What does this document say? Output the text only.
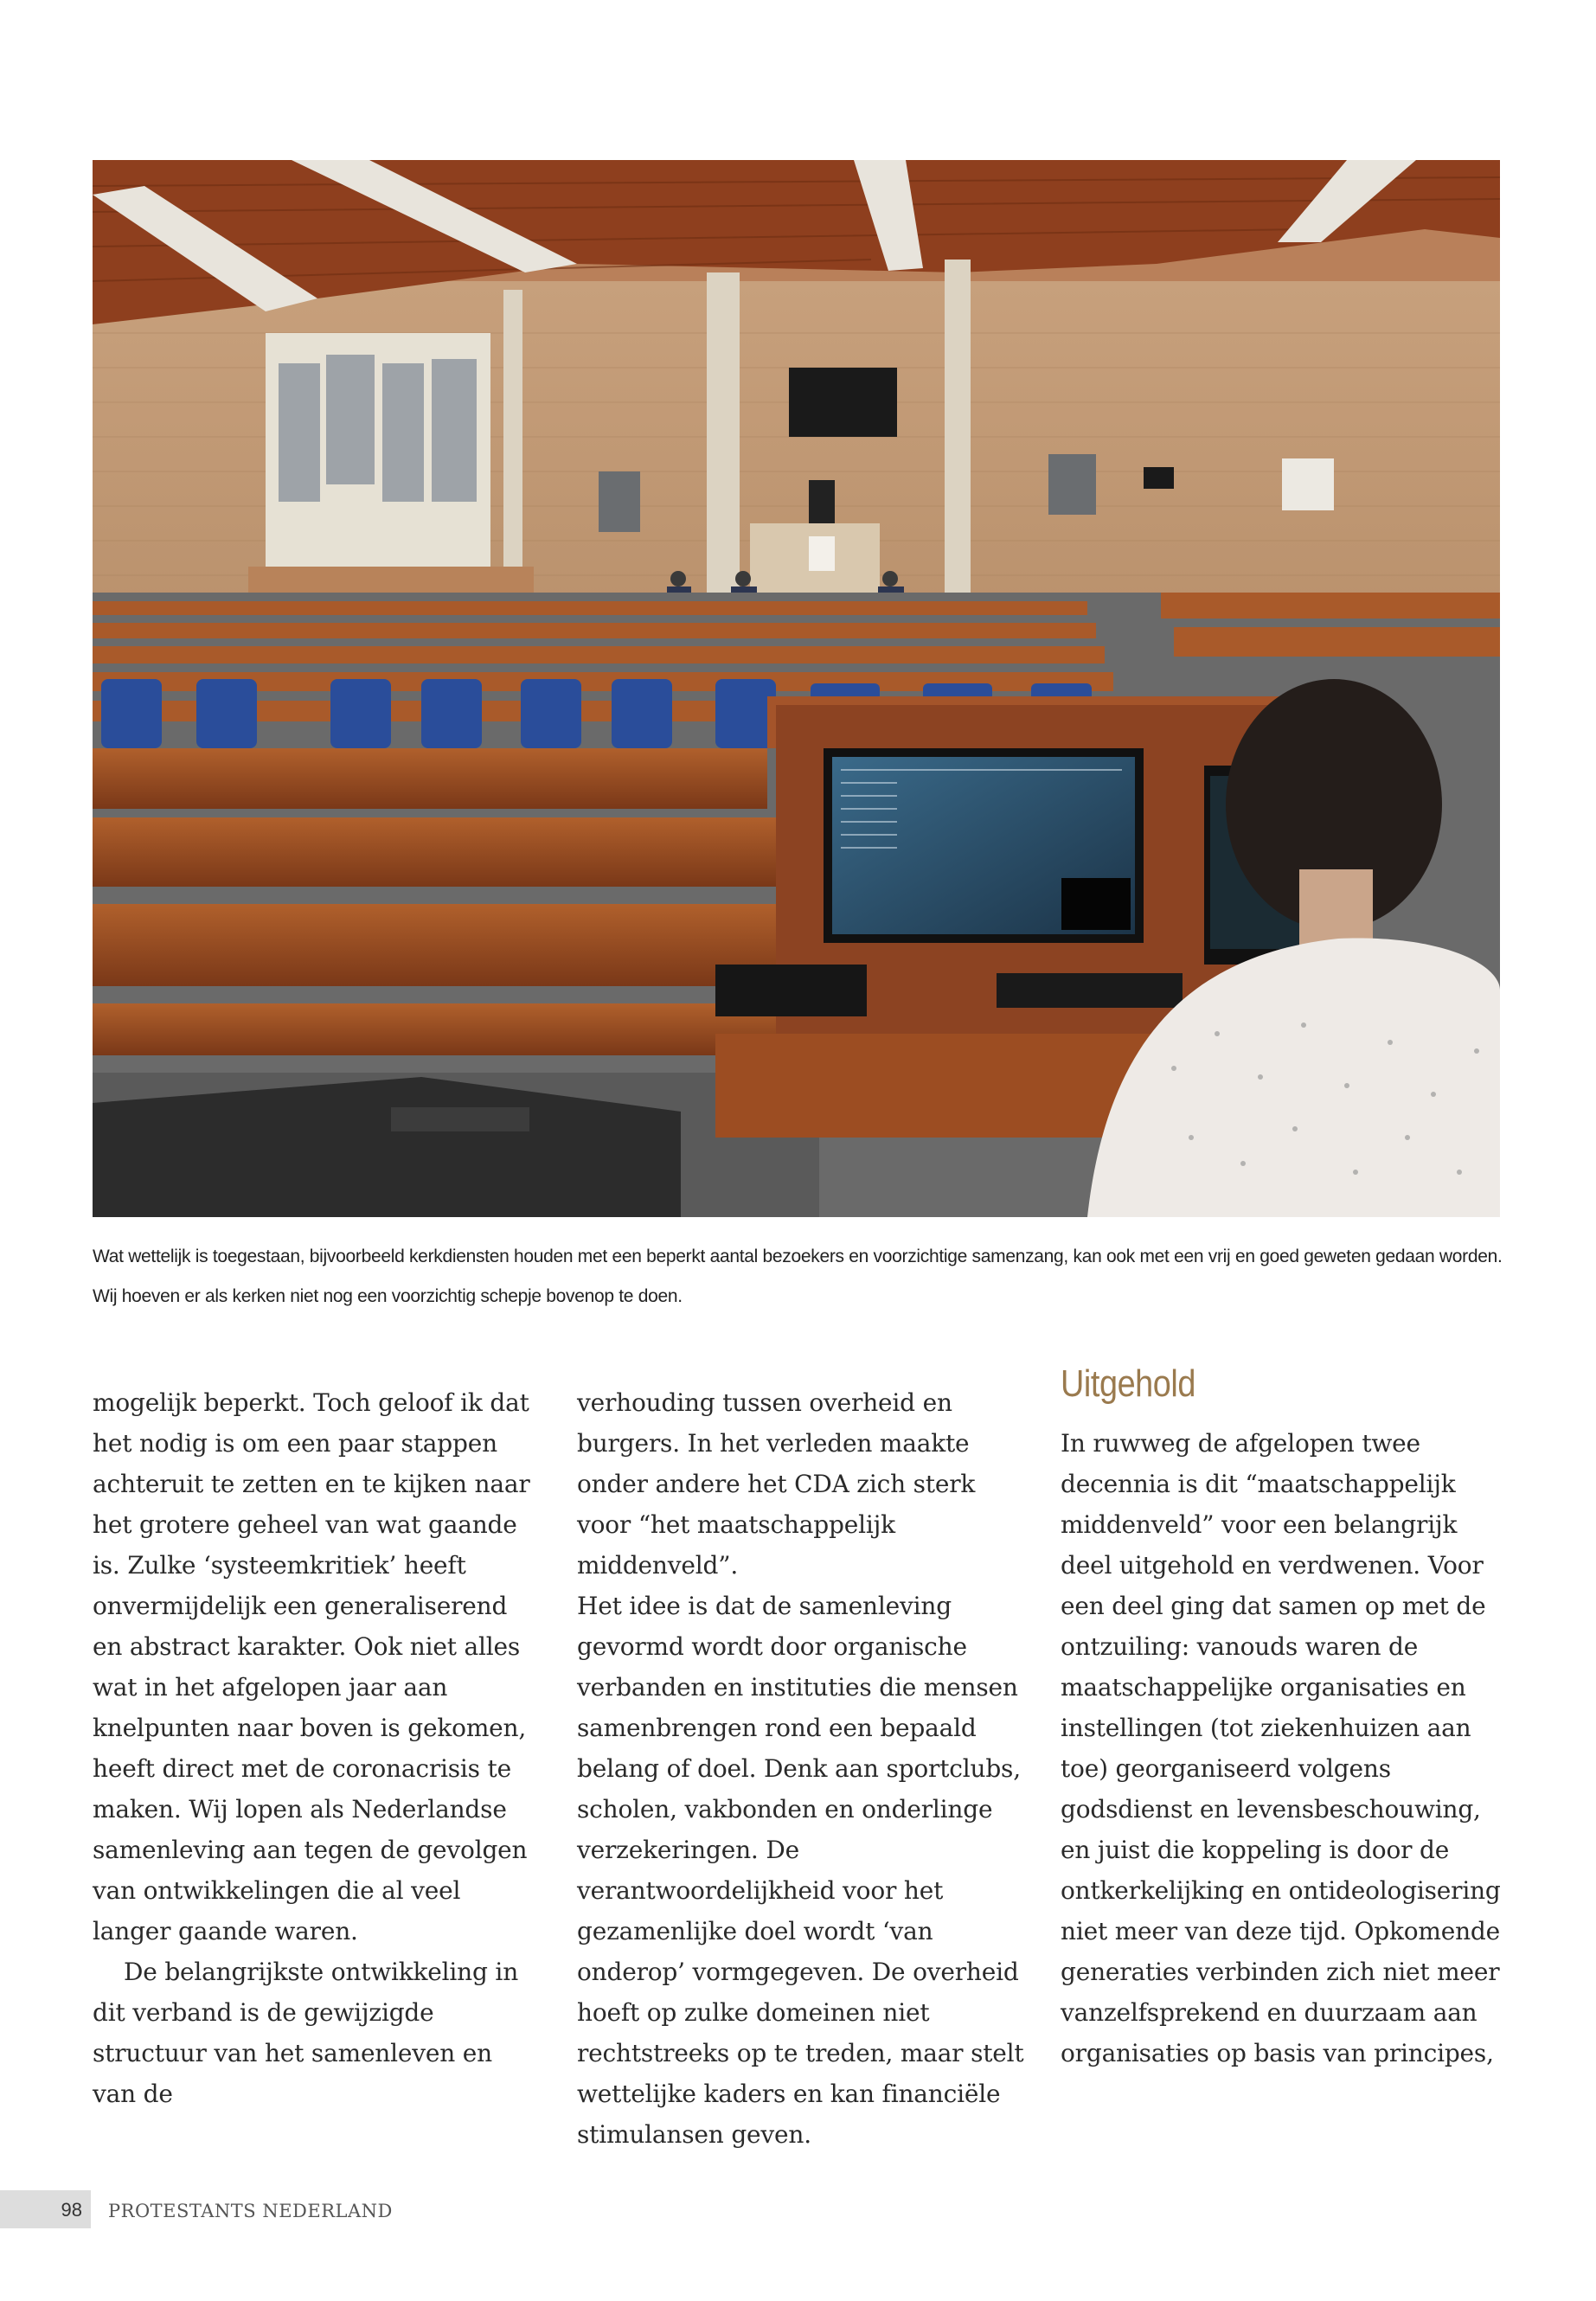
Wat wettelijk is toegestaan, bijvoorbeeld kerkdiensten houden met een beperkt aantal bezoekers en voorzichtige samenzang, kan ook met een vrij en goed geweten gedaan worden.

Wij hoeven er als kerken niet nog een voorzichtig schepje bovenop te doen.

mogelijk beperkt. Toch geloof ik dat het nodig is om een paar stappen achteruit te zetten en te kijken naar het grotere geheel van wat gaande is. Zulke ‘systeemkritiek’ heeft onvermijdelijk een generaliserend en abstract karakter. Ook niet alles wat in het afgelopen jaar aan knelpunten naar boven is gekomen, heeft direct met de coronacrisis te maken. Wij lopen als Nederlandse samenleving aan tegen de gevolgen van ontwikkelingen die al veel langer gaande waren.

De belangrijkste ontwikkeling in dit verband is de gewijzigde structuur van het samenleven en van de

verhouding tussen overheid en burgers. In het verleden maakte onder andere het CDA zich sterk voor “het maatschappelijk middenveld”.

Het idee is dat de samenleving gevormd wordt door organische verbanden en instituties die mensen samenbrengen rond een bepaald belang of doel. Denk aan sportclubs, scholen, vakbonden en onderlinge verzekeringen. De verantwoordelijkheid voor het gezamenlijke doel wordt ‘van onderop’ vormgegeven. De overheid hoeft op zulke domeinen niet rechtstreeks op te treden, maar stelt wettelijke kaders en kan financiële stimulansen geven.

Uitgehold

In ruwweg de afgelopen twee decennia is dit “maatschappelijk middenveld” voor een belangrijk deel uitgehold en verdwenen. Voor een deel ging dat samen op met de ontzuiling: vanouds waren de maatschappelijke organisaties en instellingen (tot ziekenhuizen aan toe) georganiseerd volgens godsdienst en levensbeschouwing, en juist die koppeling is door de ontkerkelijking en ontideologisering niet meer van deze tijd. Opkomende generaties verbinden zich niet meer vanzelfsprekend en duurzaam aan organisaties op basis van principes,

98 PROTESTANTS NEDERLAND
